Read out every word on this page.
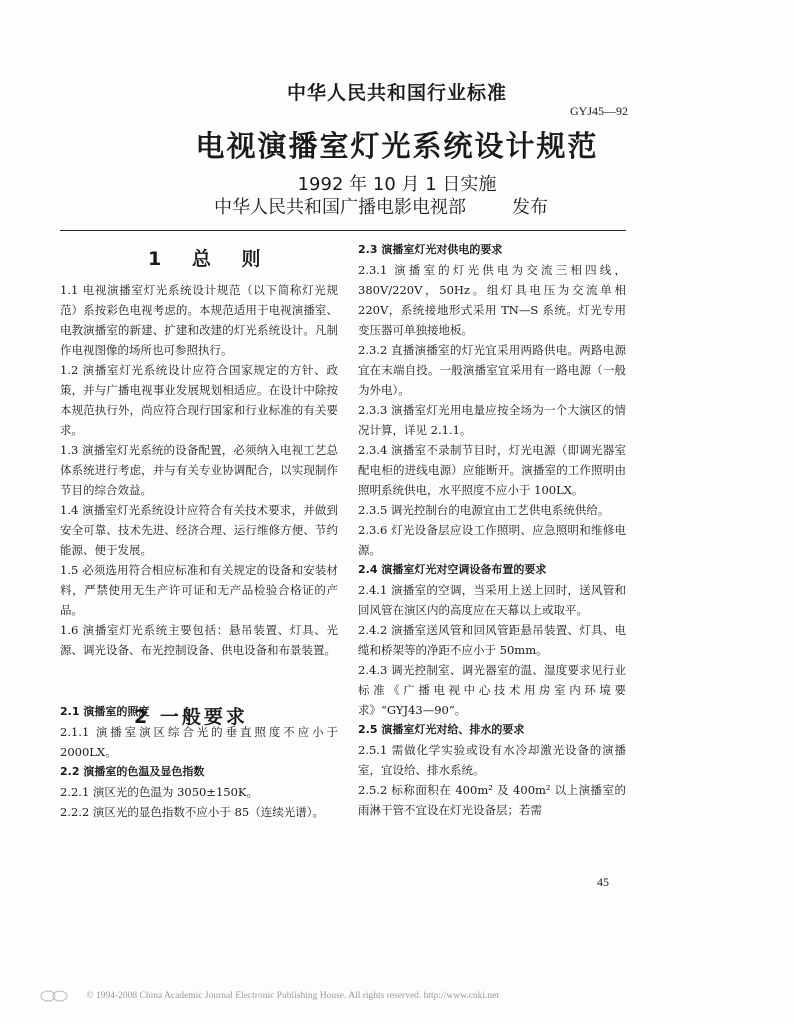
中华人民共和国行业标准
GYJ45—92
电视演播室灯光系统设计规范
1992 年 10 月 1 日实施
中华人民共和国广播电影电视部	发布
1 总 则

1.1 电视演播室灯光系统设计规范（以下简称灯光规范）系按彩色电视考虑的。本规范适用于电视演播室、电教演播室的新建、扩建和改建的灯光系统设计。凡制作电视图像的场所也可参照执行。

1.2 演播室灯光系统设计应符合国家规定的方针、政策，并与广播电视事业发展规划相适应。在设计中除按本规范执行外，尚应符合现行国家和行业标准的有关要求。

1.3 演播室灯光系统的设备配置，必须纳入电视工艺总体系统进行考虑，并与有关专业协调配合，以实现制作节目的综合效益。

1.4 演播室灯光系统设计应符合有关技术要求，并做到安全可靠、技术先进、经济合理、运行维修方便、节约能源、便于发展。

1.5 必须选用符合相应标准和有关规定的设备和安装材料，严禁使用无生产许可证和无产品检验合格证的产品。

1.6 演播室灯光系统主要包括：悬吊装置、灯具、光源、调光设备、布光控制设备、供电设备和布景装置。

2.1 演播室的照度

2.1.1 演播室演区综合光的垂直照度不应小于 2000LX。

2.2 演播室的色温及显色指数

2.2.1 演区光的色温为 3050±150K。

2.2.2 演区光的显色指数不应小于 85（连续光谱）。

2 一般要求

2.3 演播室灯光对供电的要求

2.3.1 演播室的灯光供电为交流三相四线，380V/220V，50Hz。组灯具电压为交流单相220V，系统接地形式采用 TN—S 系统。灯光专用变压器可单独接地板。

2.3.2 直播演播室的灯光宜采用两路供电。两路电源宜在末端自投。一般演播室宜采用有一路电源（一般为外电）。

2.3.3 演播室灯光用电量应按全场为一个大演区的情况计算，详见 2.1.1。

2.3.4 演播室不录制节目时，灯光电源（即调光器室配电柜的进线电源）应能断开。演播室的工作照明由照明系统供电，水平照度不应小于 100LX。

2.3.5 调光控制台的电源宜由工艺供电系统供给。

2.3.6 灯光设备层应设工作照明、应急照明和维修电源。

2.4 演播室灯光对空调设备布置的要求

2.4.1 演播室的空调，当采用上送上回时，送风管和回风管在演区内的高度应在天幕以上或取平。

2.4.2 演播室送风管和回风管距悬吊装置、灯具、电缆和桥架等的净距不应小于 50mm。

2.4.3 调光控制室、调光器室的温、湿度要求见行业标准《广播电视中心技术用房室内环境要求》“GYJ43—90”。

2.5 演播室灯光对给、排水的要求

2.5.1 需做化学实验或设有水冷却激光设备的演播室，宜设给、排水系统。

2.5.2 标称面积在 400m² 及 400m² 以上演播室的雨淋干管不宜设在灯光设备层；若需

45
© 1994-2008 China Academic Journal Electronic Publishing House. All rights reserved. http://www.cnki.net
